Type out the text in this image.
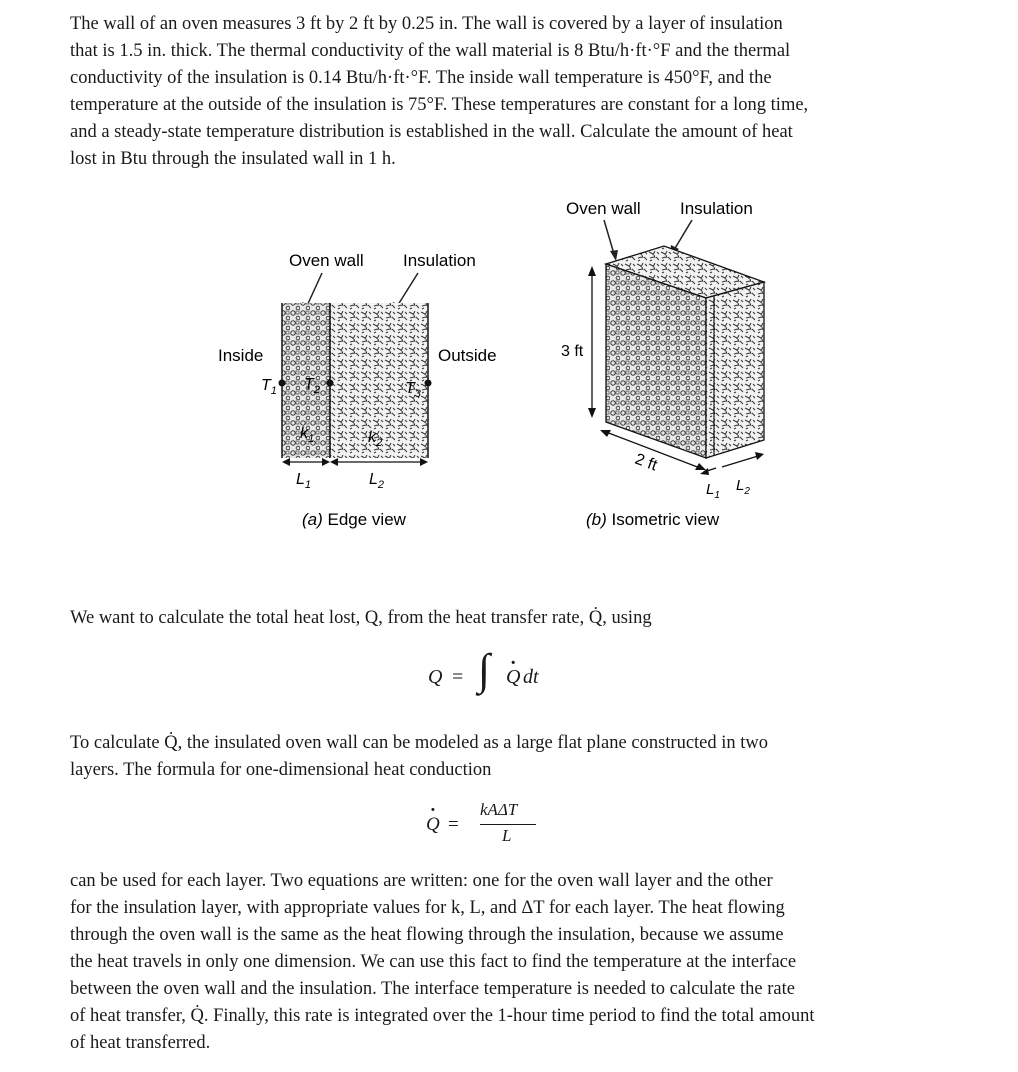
The wall of an oven measures 3 ft by 2 ft by 0.25 in. The wall is covered by a layer of insulation
that is 1.5 in. thick. The thermal conductivity of the wall material is 8 Btu/h·ft·°F and the thermal
conductivity of the insulation is 0.14 Btu/h·ft·°F. The inside wall temperature is 450°F, and the
temperature at the outside of the insulation is 75°F. These temperatures are constant for a long time,
and a steady-state temperature distribution is established in the wall. Calculate the amount of heat
lost in Btu through the insulated wall in 1 h.
Oven wall Insulation
Inside	Outside
$T_1$ $T_2$	$T_3$
$k_1$	$k_2$
$L_1$	$L_2$
(a) Edge view
Oven wall Insulation
3 ft
2 ft
$L_1$
$L_2$
(b) Isometric view
We want to calculate the total heat lost, Q, from the heat transfer rate, Q̇, using
Q = ∫
· Q
dt
To calculate Q̇, the insulated oven wall can be modeled as a large flat plane constructed in two
layers. The formula for one-dimensional heat conduction
· Q =
kAΔT
L
can be used for each layer. Two equations are written: one for the oven wall layer and the other
for the insulation layer, with appropriate values for k, L, and ΔT for each layer. The heat flowing
through the oven wall is the same as the heat flowing through the insulation, because we assume
the heat travels in only one dimension. We can use this fact to find the temperature at the interface
between the oven wall and the insulation. The interface temperature is needed to calculate the rate
of heat transfer, Q̇. Finally, this rate is integrated over the 1-hour time period to find the total amount
of heat transferred.
